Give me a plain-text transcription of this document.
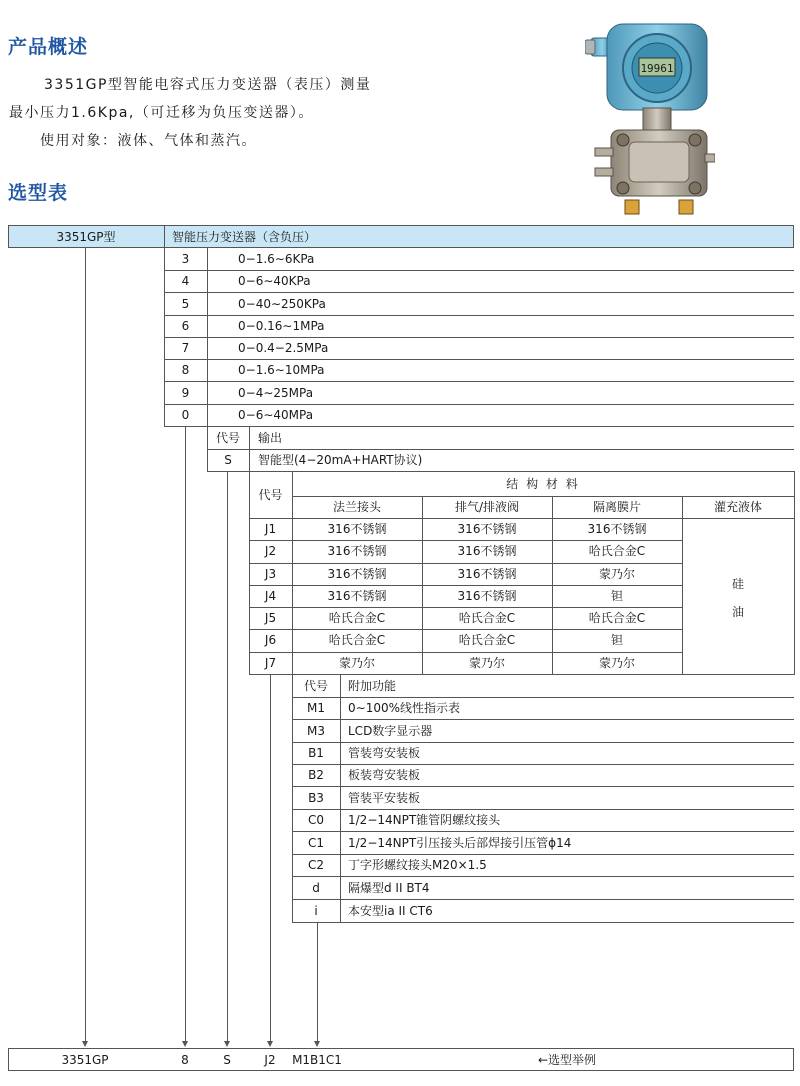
产品概述
3351GP型智能电容式压力变送器（表压）测量
最小压力1.6Kpa,（可迁移为负压变送器）。
使用对象：液体、气体和蒸汽。
选型表
19961
3351GP型	智能压力变送器（含负压）
3	0−1.6∼6KPa
4	0−6∼40KPa
5	0−40∼250KPa
6	0−0.16∼1MPa
7	0−0.4−2.5MPa
8	0−1.6∼10MPa
9	0−4∼25MPa
0	0−6∼40MPa
代号	输出
S	智能型(4−20mA+HART协议)
代号
结 构 材 料
法兰接头	排气/排液阀	隔离膜片	灌充液体
J1	316不锈钢	316不锈钢	316不锈钢
J2	316不锈钢	316不锈钢	哈氏合金C
J3	316不锈钢	316不锈钢	蒙乃尔
J4	316不锈钢	316不锈钢	钽
J5	哈氏合金C	哈氏合金C	哈氏合金C
J6	哈氏合金C	哈氏合金C	钽
J7	蒙乃尔	蒙乃尔	蒙乃尔
硅
油
代号	附加功能
M1	0∼100%线性指示表
M3	LCD数字显示器
B1	管装弯安装板
B2	板装弯安装板
B3	管装平安装板
C0	1/2−14NPT锥管阴螺纹接头
C1	1/2−14NPT引压接头后部焊接引压管ϕ14
C2	丁字形螺纹接头M20×1.5
d	隔爆型d II BT4
i	本安型ia II CT6
3351GP	8	S	J2	M1B1C1	←选型举例
